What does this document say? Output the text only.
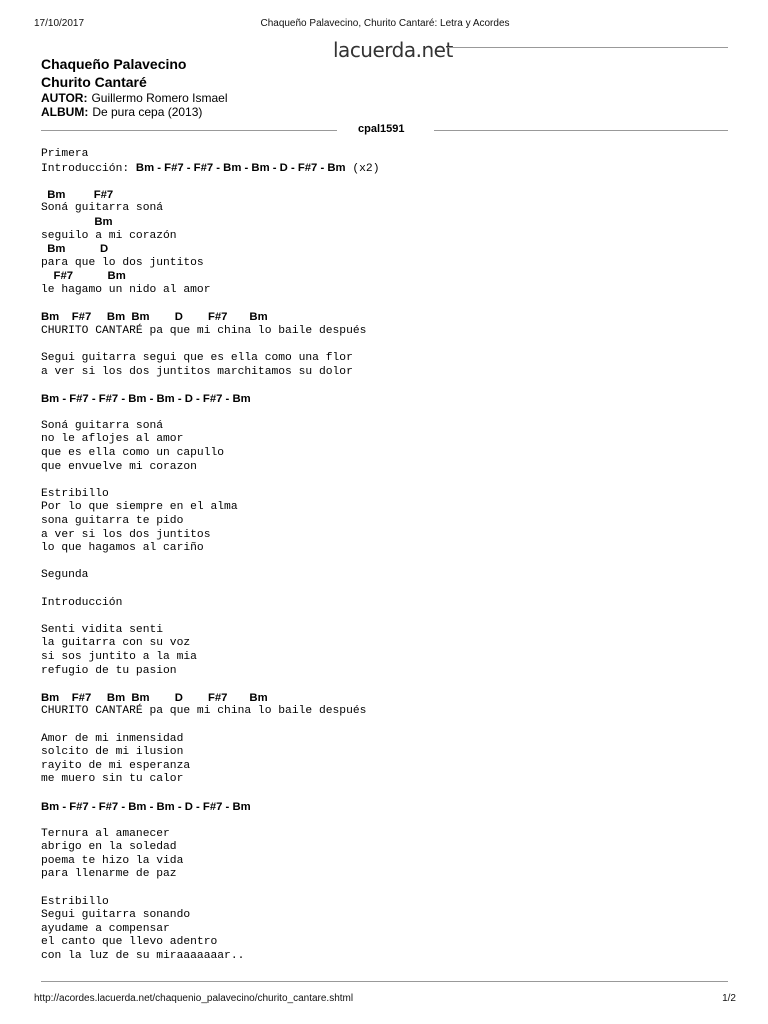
17/10/2017	Chaqueño Palavecino, Churito Cantaré: Letra y Acordes
lacuerda.net
Chaqueño Palavecino
Churito Cantaré
AUTOR: Guillermo Romero Ismael
ALBUM: De pura cepa (2013)
cpal1591
Primera
Introducción: Bm - F#7 - F#7 - Bm - Bm - D - F#7 - Bm (x2)
Bm         F#7
Soná guitarra soná
Bm
seguilo a mi corazón
Bm           D
para que lo dos juntitos
F#7           Bm
le hagamo un nido al amor
Bm    F#7     Bm  Bm        D        F#7       Bm
CHURITO CANTARÉ pa que mi china lo baile después
Segui guitarra segui que es ella como una flor
a ver si los dos juntitos marchitamos su dolor
Bm - F#7 - F#7 - Bm - Bm - D - F#7 - Bm
Soná guitarra soná
no le aflojes al amor
que es ella como un capullo
que envuelve mi corazon
Estribillo
Por lo que siempre en el alma
sona guitarra te pido
a ver si los dos juntitos
lo que hagamos al cariño
Segunda
Introducción
Senti vidita senti
la guitarra con su voz
si sos juntito a la mia
refugio de tu pasion
Bm    F#7     Bm  Bm        D        F#7       Bm
CHURITO CANTARÉ pa que mi china lo baile después
Amor de mi inmensidad
solcito de mi ilusion
rayito de mi esperanza
me muero sin tu calor
Bm - F#7 - F#7 - Bm - Bm - D - F#7 - Bm
Ternura al amanecer
abrigo en la soledad
poema te hizo la vida
para llenarme de paz
Estribillo
Segui guitarra sonando
ayudame a compensar
el canto que llevo adentro
con la luz de su miraaaaaaar..
http://acordes.lacuerda.net/chaquenio_palavecino/churito_cantare.shtml	1/2
